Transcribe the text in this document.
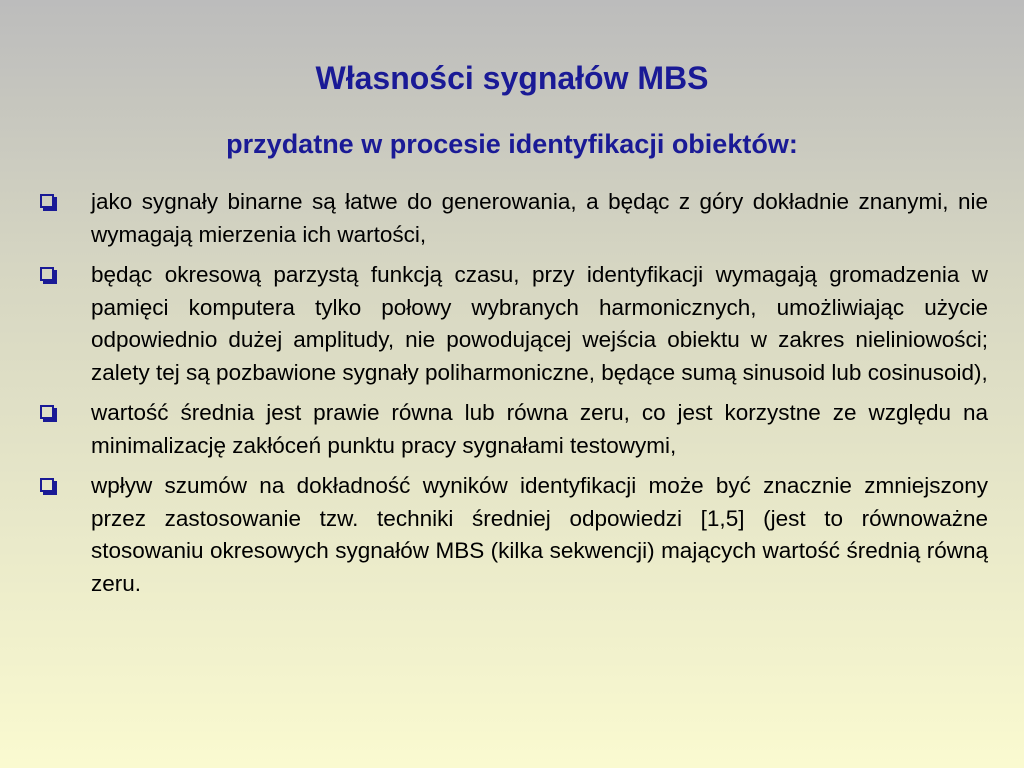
Własności sygnałów MBS
przydatne w procesie identyfikacji obiektów:

jako sygnały binarne są łatwe do generowania, a będąc z góry dokładnie znanymi, nie wymagają mierzenia ich wartości,

będąc okresową parzystą funkcją czasu, przy identyfikacji wymagają gromadzenia w pamięci komputera tylko połowy wybranych harmonicznych, umożliwiając użycie odpowiednio dużej amplitudy, nie powodującej wejścia obiektu w zakres nieliniowości; zalety tej są pozbawione sygnały poliharmoniczne, będące sumą sinusoid lub cosinusoid),

wartość średnia jest prawie równa lub równa zeru, co jest korzystne ze względu na minimalizację zakłóceń punktu pracy sygnałami testowymi,

wpływ szumów na dokładność wyników identyfikacji może być znacznie zmniejszony przez zastosowanie tzw. techniki średniej odpowiedzi [1,5] (jest to równoważne stosowaniu okresowych sygnałów MBS (kilka sekwencji) mających wartość średnią równą zeru.
